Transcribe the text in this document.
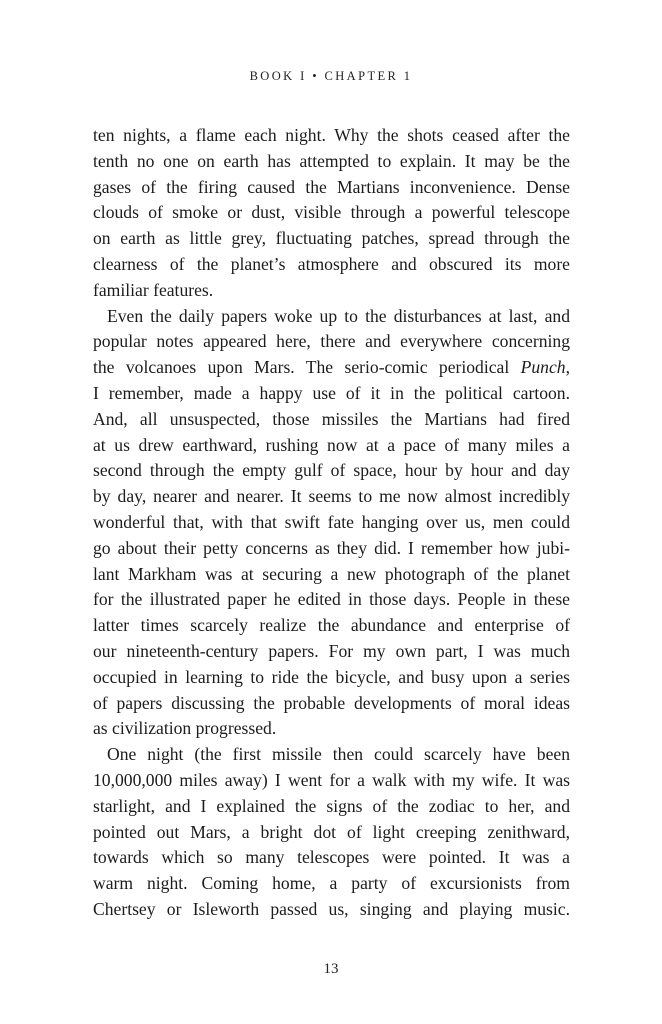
BOOK I • CHAPTER 1
ten nights, a flame each night. Why the shots ceased after the
tenth no one on earth has attempted to explain. It may be the
gases of the firing caused the Martians inconvenience. Dense
clouds of smoke or dust, visible through a powerful telescope
on earth as little grey, fluctuating patches, spread through the
clearness of the planet’s atmosphere and obscured its more
familiar features.
Even the daily papers woke up to the disturbances at last, and
popular notes appeared here, there and everywhere concerning
the volcanoes upon Mars. The serio-comic periodical Punch,
I remember, made a happy use of it in the political cartoon.
And, all unsuspected, those missiles the Martians had fired
at us drew earthward, rushing now at a pace of many miles a
second through the empty gulf of space, hour by hour and day
by day, nearer and nearer. It seems to me now almost incredibly
wonderful that, with that swift fate hanging over us, men could
go about their petty concerns as they did. I remember how jubi-
lant Markham was at securing a new photograph of the planet
for the illustrated paper he edited in those days. People in these
latter times scarcely realize the abundance and enterprise of
our nineteenth-century papers. For my own part, I was much
occupied in learning to ride the bicycle, and busy upon a series
of papers discussing the probable developments of moral ideas
as civilization progressed.
One night (the first missile then could scarcely have been
10,000,000 miles away) I went for a walk with my wife. It was
starlight, and I explained the signs of the zodiac to her, and
pointed out Mars, a bright dot of light creeping zenithward,
towards which so many telescopes were pointed. It was a
warm night. Coming home, a party of excursionists from
Chertsey or Isleworth passed us, singing and playing music.
13
